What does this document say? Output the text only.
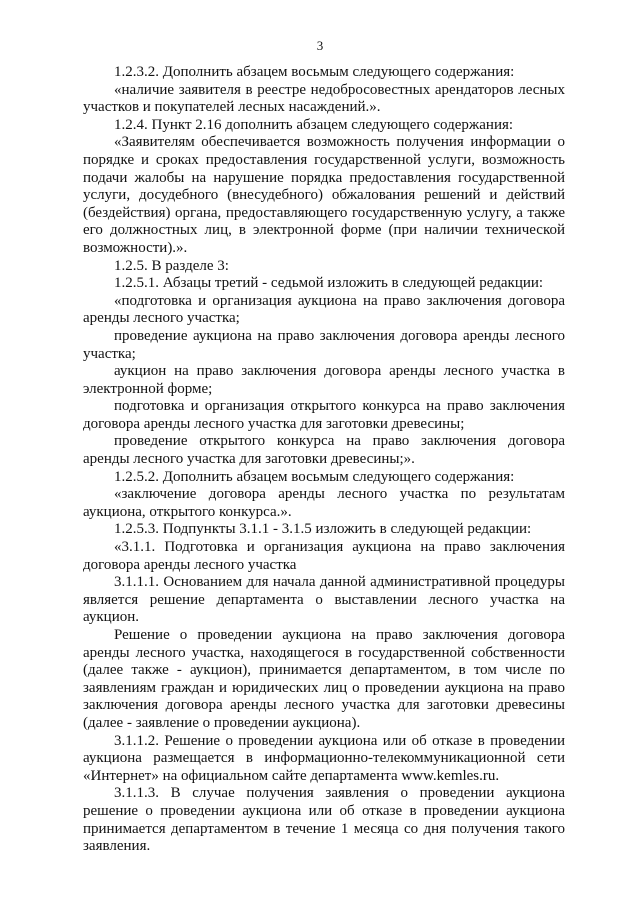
3

1.2.3.2. Дополнить абзацем восьмым следующего содержания:

«наличие заявителя в реестре недобросовестных арендаторов лесных участков и покупателей лесных насаждений.».

1.2.4. Пункт 2.16 дополнить абзацем следующего содержания:

«Заявителям обеспечивается возможность получения информации о порядке и сроках предоставления государственной услуги, возможность подачи жалобы на нарушение порядка предоставления государственной услуги, досудебного (внесудебного) обжалования решений и действий (бездействия) органа, предоставляющего государственную услугу, а также его должностных лиц, в электронной форме (при наличии технической возможности).».

1.2.5. В разделе 3:

1.2.5.1. Абзацы третий - седьмой изложить в следующей редакции:

«подготовка и организация аукциона на право заключения договора аренды лесного участка;

проведение аукциона на право заключения договора аренды лесного участка;

аукцион на право заключения договора аренды лесного участка в электронной форме;

подготовка и организация открытого конкурса на право заключения договора аренды лесного участка для заготовки древесины;

проведение открытого конкурса на право заключения договора аренды лесного участка для заготовки древесины;».

1.2.5.2. Дополнить абзацем восьмым следующего содержания:

«заключение договора аренды лесного участка по результатам аукциона, открытого конкурса.».

1.2.5.3. Подпункты 3.1.1 - 3.1.5 изложить в следующей редакции:

«3.1.1. Подготовка и организация аукциона на право заключения договора аренды лесного участка

3.1.1.1. Основанием для начала данной административной процедуры является решение департамента о выставлении лесного участка на аукцион.

Решение о проведении аукциона на право заключения договора аренды лесного участка, находящегося в государственной собственности (далее также - аукцион), принимается департаментом, в том числе по заявлениям граждан и юридических лиц о проведении аукциона на право заключения договора аренды лесного участка для заготовки древесины (далее - заявление о проведении аукциона).

3.1.1.2. Решение о проведении аукциона или об отказе в проведении аукциона размещается в информационно-телекоммуникационной сети «Интернет» на официальном сайте департамента www.kemles.ru.

3.1.1.3. В случае получения заявления о проведении аукциона решение о проведении аукциона или об отказе в проведении аукциона принимается департаментом в течение 1 месяца со дня получения такого заявления.
